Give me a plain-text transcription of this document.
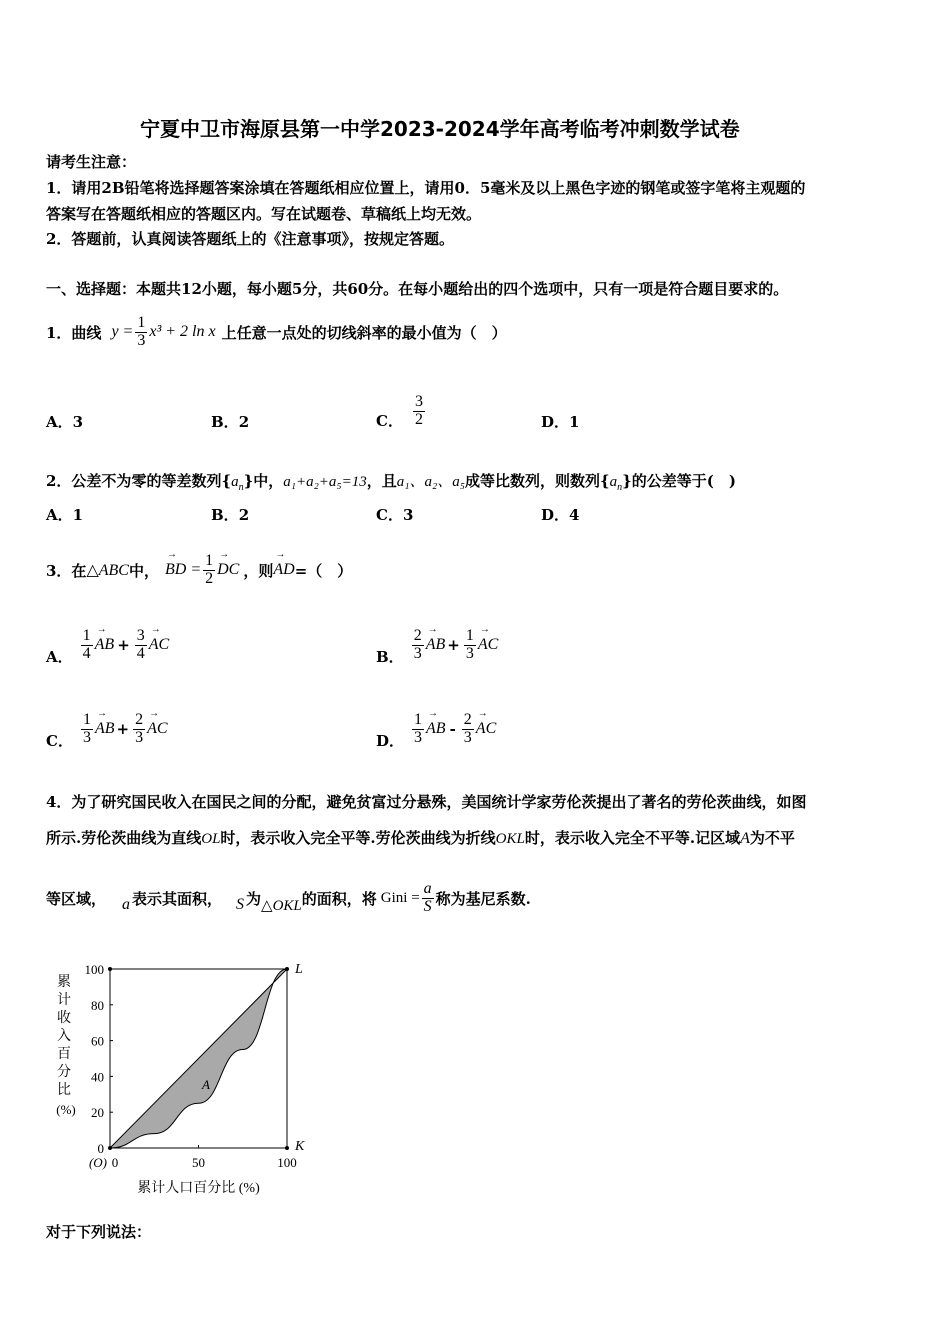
宁夏中卫市海原县第一中学2023-2024学年高考临考冲刺数学试卷
请考生注意：
1．请用2B铅笔将选择题答案涂填在答题纸相应位置上，请用0．5毫米及以上黑色字迹的钢笔或签字笔将主观题的
答案写在答题纸相应的答题区内。写在试题卷、草稿纸上均无效。
2．答题前，认真阅读答题纸上的《注意事项》，按规定答题。
一、选择题：本题共12小题，每小题5分，共60分。在每小题给出的四个选项中，只有一项是符合题目要求的。
1．曲线 $y = \frac{1}{3} x^3 + 2$ ln x 上任意一点处的切线斜率的最小值为（　）
A．3	B．2	C． $\frac{3}{2}$	D．1
2．公差不为零的等差数列$\{a_n\}$中，a₁+a₂+a₅=13，且a₁、a₂、a₅成等比数列，则数列$\{a_n\}$的公差等于(　)
A．1	B．2	C．3	D．4
3．在 △ABC 中， → BD = $\frac{1}{2}$ → DC ，则 → AD =（　）
A． $\frac{1}{4}$ → AB + $\frac{3}{4}$ → AC
B． $\frac{2}{3}$ → AB + $\frac{1}{3}$ → AC
C． $\frac{1}{3}$ → AB + $\frac{2}{3}$ → AC
D． $\frac{1}{3}$ → AB - $\frac{2}{3}$ → AC
4．为了研究国民收入在国民之间的分配，避免贫富过分悬殊，美国统计学家劳伦茨提出了著名的劳伦茨曲线，如图
所示.劳伦茨曲线为直线OL时，表示收入完全平等.劳伦茨曲线为折线OKL时，表示收入完全不平等.记区域A为不平
等区域， a 表示其面积， S 为 △OKL 的面积，将 Gini = $\frac{a}{S}$ 称为基尼系数.
0
20
40
60
80
100
0	50	100
(O)
L
K
A
累
计
收
入
百
分
比
(%)
累计人口百分比 (%)
对于下列说法：
